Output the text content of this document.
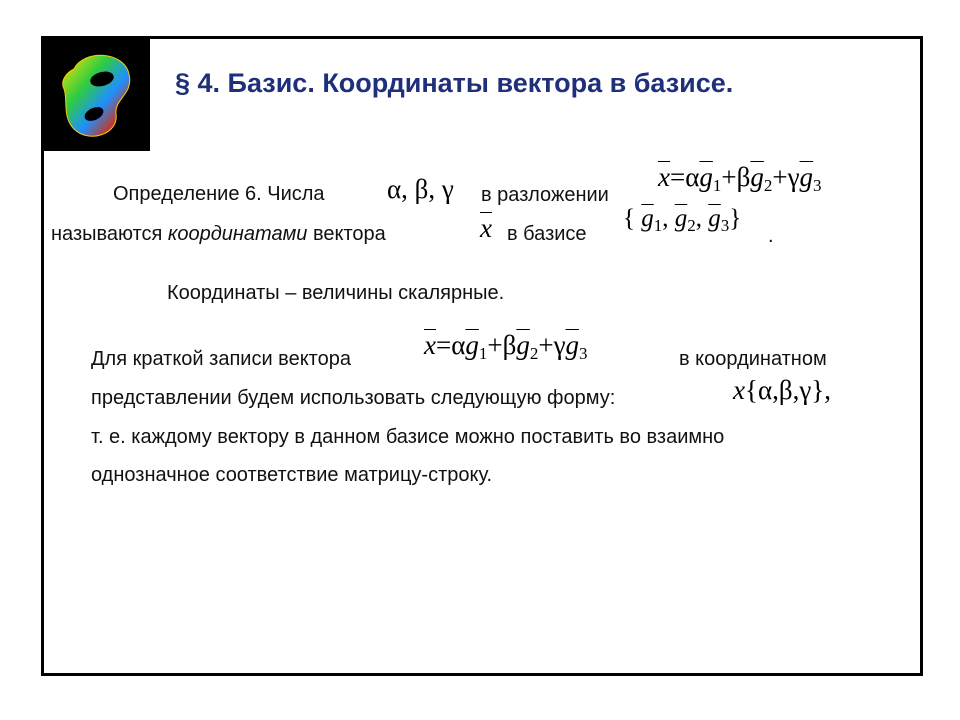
§ 4. Базис. Координаты вектора в базисе.
Определение 6. Числа α, β, γ в разложении
$\overline{x}=\alpha\overline{g}_1+\beta\overline{g}_2+\gamma\overline{g}_3$
называются координатами вектора	$\overline{x}$ в базисе
{ $\overline{g}_1$, $\overline{g}_2$, $\overline{g}_3$}
.
Координаты – величины скалярные.
Для краткой записи вектора	$\overline{x}=\alpha\overline{g}_1+\beta\overline{g}_2+\gamma\overline{g}_3$	в координатном
представлении будем использовать следующую форму:	x{α,β,γ},
т. е. каждому вектору в данном базисе можно поставить во взаимно
однозначное соответствие матрицу-строку.
